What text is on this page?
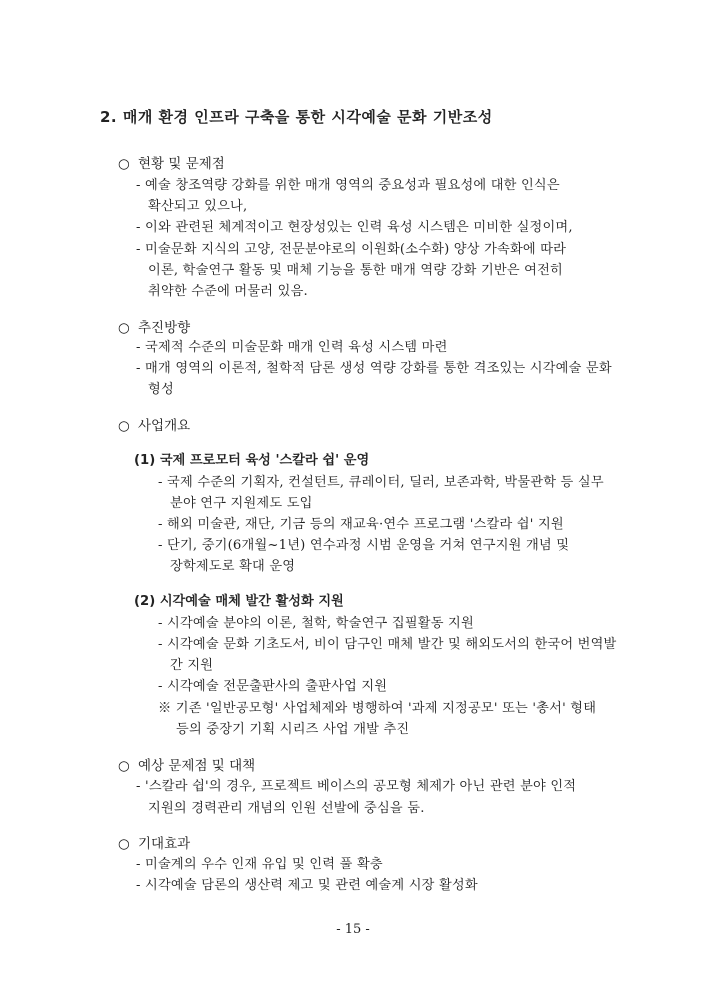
2. 매개 환경 인프라 구축을 통한 시각예술 문화 기반조성
○ 현황 및 문제점
- 예술 창조역량 강화를 위한 매개 영역의 중요성과 필요성에 대한 인식은
확산되고 있으나,
- 이와 관련된 체계적이고 현장성있는 인력 육성 시스템은 미비한 실정이며,
- 미술문화 지식의 고양, 전문분야로의 이원화(소수화) 양상 가속화에 따라
이론, 학술연구 활동 및 매체 기능을 통한 매개 역량 강화 기반은 여전히
취약한 수준에 머물러 있음.
○ 추진방향
- 국제적 수준의 미술문화 매개 인력 육성 시스템 마련
- 매개 영역의 이론적, 철학적 담론 생성 역량 강화를 통한 격조있는 시각예술 문화
형성
○ 사업개요
(1) 국제 프로모터 육성 '스칼라 쉽' 운영
- 국제 수준의 기획자, 컨설턴트, 큐레이터, 딜러, 보존과학, 박물관학 등 실무
분야 연구 지원제도 도입
- 해외 미술관, 재단, 기금 등의 재교육·연수 프로그램 '스칼라 쉽' 지원
- 단기, 중기(6개월~1년) 연수과정 시범 운영을 거쳐 연구지원 개념 및
장학제도로 확대 운영
(2) 시각예술 매체 발간 활성화 지원
- 시각예술 분야의 이론, 철학, 학술연구 집필활동 지원
- 시각예술 문화 기초도서, 비이 담구인 매체 발간 및 해외도서의 한국어 번역발
간 지원
- 시각예술 전문출판사의 출판사업 지원
※ 기존 '일반공모형' 사업체제와 병행하여 '과제 지정공모' 또는 '총서' 형태
등의 중장기 기획 시리즈 사업 개발 추진
○ 예상 문제점 및 대책
- '스칼라 쉽'의 경우, 프로젝트 베이스의 공모형 체제가 아닌 관련 분야 인적
지원의 경력관리 개념의 인원 선발에 중심을 둠.
○ 기대효과
- 미술계의 우수 인재 유입 및 인력 풀 확충
- 시각예술 담론의 생산력 제고 및 관련 예술계 시장 활성화
- 15 -
